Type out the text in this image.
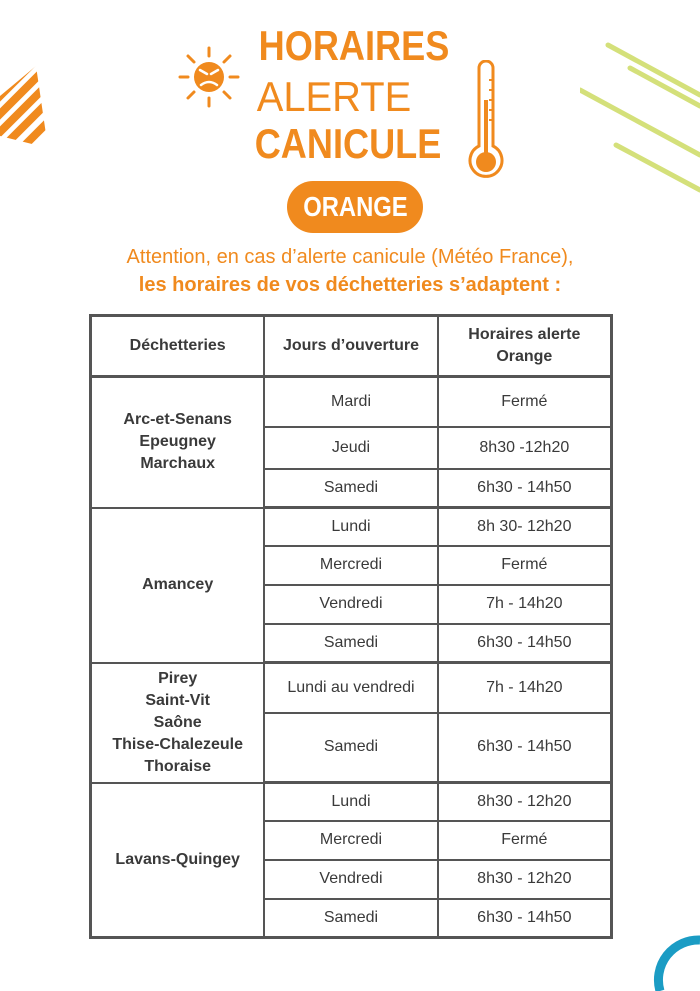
HORAIRES
ALERTE
CANICULE
ORANGE
Attention, en cas d’alerte canicule (Météo France),
les horaires de vos déchetteries s’adaptent :
Déchetteries	Jours d’ouverture	Horaires alerte Orange

Arc-et-Senans
Epeugney
Marchaux	Mardi	Fermé
	Jeudi	8h30 -12h20
	Samedi	6h30 - 14h50

Amancey	Lundi	8h 30- 12h20
	Mercredi	Fermé
	Vendredi	7h - 14h20
	Samedi	6h30 - 14h50

Pirey
Saint-Vit
Saône
Thise-Chalezeule
Thoraise	Lundi au vendredi	7h - 14h20
	Samedi	6h30 - 14h50

Lavans-Quingey	Lundi	8h30 - 12h20
	Mercredi	Fermé
	Vendredi	8h30 - 12h20
	Samedi	6h30 - 14h50
